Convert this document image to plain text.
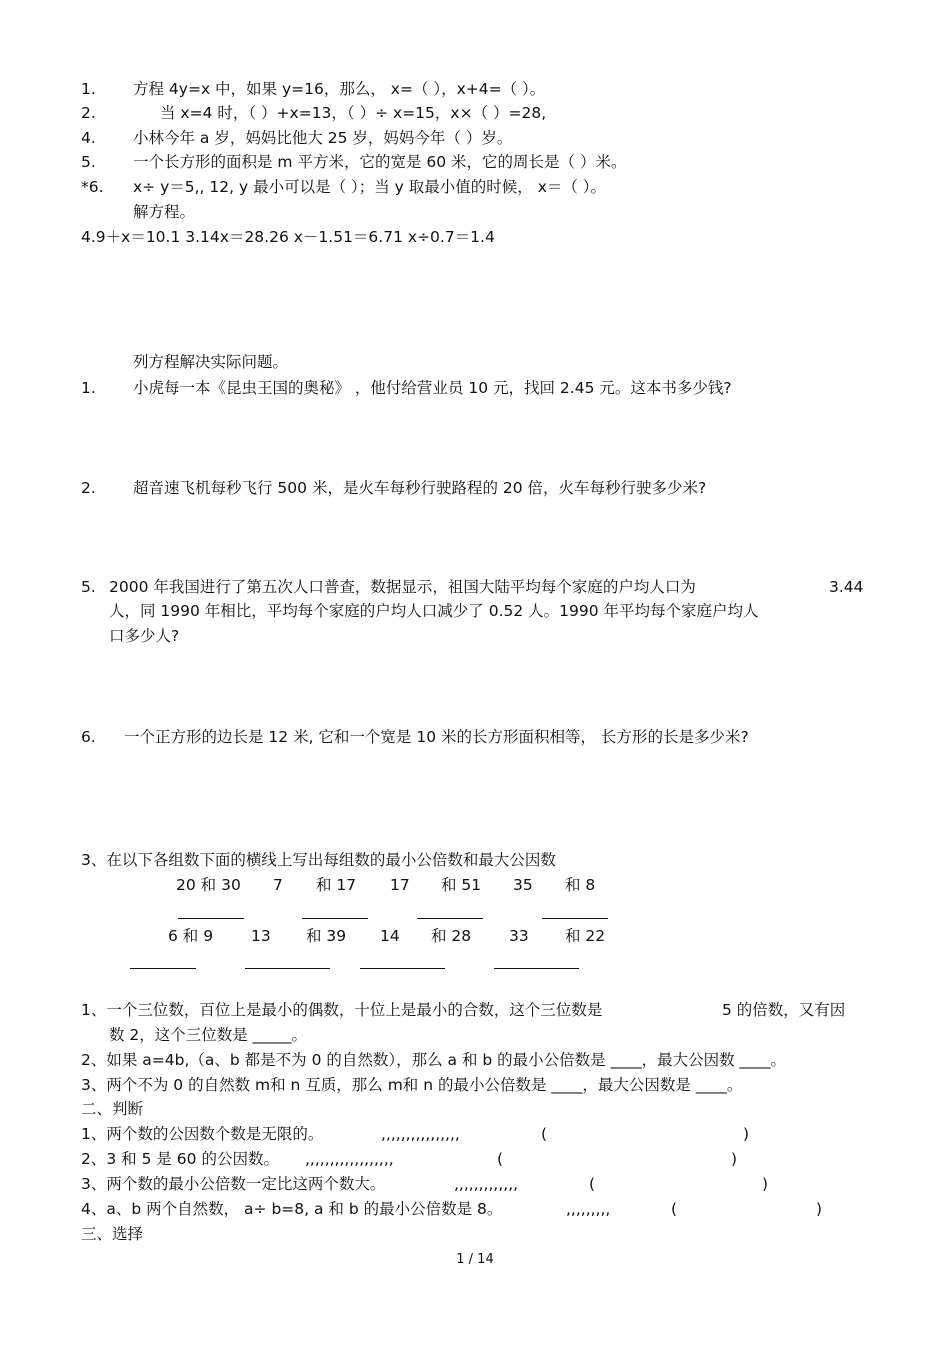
1. 方程 4y=x 中，如果 y=16，那么， x=（ ），x+4=（ ）。
2.	当 x=4 时，（ ）+x=13，（ ）÷ x=15，x×（ ）=28,
4. 小林今年 a 岁，妈妈比他大 25 岁，妈妈今年（ ）岁。
5. 一个长方形的面积是 m 平方米，它的宽是 60 米，它的周长是（ ）米。
*6. x÷ y＝5,, 12, y 最小可以是（ ）；当 y 取最小值的时候， x＝（ ）。
解方程。
4.9＋x＝10.1 3.14x＝28.26 x－1.51＝6.71 x÷0.7＝1.4
列方程解决实际问题。
1. 小虎每一本《昆虫王国的奥秘》 ，他付给营业员 10 元，找回 2.45 元。这本书多少钱?
2. 超音速飞机每秒飞行 500 米，是火车每秒行驶路程的 20 倍，火车每秒行驶多少米?
5. 2000 年我国进行了第五次人口普查，数据显示，祖国大陆平均每个家庭的户均人口为	3.44
人，同 1990 年相比，平均每个家庭的户均人口减少了 0.52 人。1990 年平均每个家庭户均人
口多少人?
6. 一个正方形的边长是 12 米, 它和一个宽是 10 米的长方形面积相等， 长方形的长是多少米?
3、在以下各组数下面的横线上写出每组数的最小公倍数和最大公因数
20 和 30 7 和 17 17 和 51 35 和 8
6 和 9 13 和 39 14 和 28 33 和 22
1、一个三位数，百位上是最小的偶数，十位上是最小的合数，这个三位数是	5 的倍数，又有因
数 2，这个三位数是 _____。
2、如果 a=4b,（a、b 都是不为 0 的自然数），那么 a 和 b 的最小公倍数是 ____，最大公因数 ____。
3、两个不为 0 的自然数 m和 n 互质，那么 m和 n 的最小公倍数是 ____，最大公因数是 ____。
二、判断
1、两个数的公因数个数是无限的。	,,,,,,,,,,,,,,,,	(	)
2、3 和 5 是 60 的公因数。 ,,,,,,,,,,,,,,,,,,	(	)
3、两个数的最小公倍数一定比这两个数大。	,,,,,,,,,,,,,	(	)
4、a、b 两个自然数， a÷ b=8, a 和 b 的最小公倍数是 8。	,,,,,,,,,	(	)
三、选择
1 / 14
